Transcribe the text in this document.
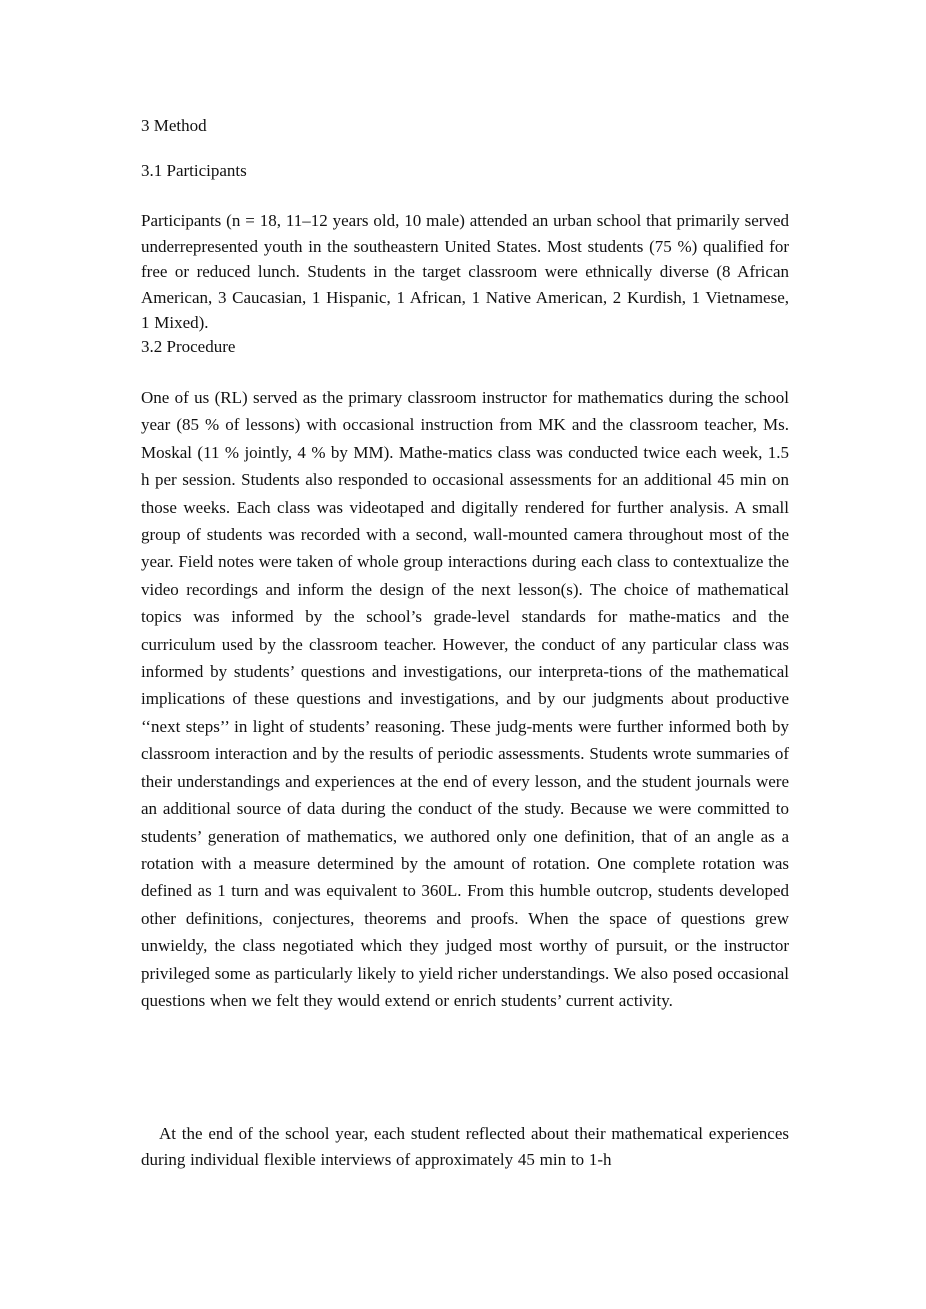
3 Method
3.1 Participants

Participants (n = 18, 11–12 years old, 10 male) attended an urban school that primarily served underrepresented youth in the southeastern United States. Most students (75 %) qualified for free or reduced lunch. Students in the target classroom were ethnically diverse (8 African American, 3 Caucasian, 1 Hispanic, 1 African, 1 Native American, 2 Kurdish, 1 Vietnamese, 1 Mixed).

3.2 Procedure

One of us (RL) served as the primary classroom instructor for mathematics during the school year (85 % of lessons) with occasional instruction from MK and the classroom teacher, Ms. Moskal (11 % jointly, 4 % by MM). Mathe-matics class was conducted twice each week, 1.5 h per session. Students also responded to occasional assessments for an additional 45 min on those weeks. Each class was videotaped and digitally rendered for further analysis. A small group of students was recorded with a second, wall-mounted camera throughout most of the year. Field notes were taken of whole group interactions during each class to contextualize the video recordings and inform the design of the next lesson(s). The choice of mathematical topics was informed by the school’s grade-level standards for mathe-matics and the curriculum used by the classroom teacher. However, the conduct of any particular class was informed by students’ questions and investigations, our interpreta-tions of the mathematical implications of these questions and investigations, and by our judgments about productive ‘‘next steps’’ in light of students’ reasoning. These judg-ments were further informed both by classroom interaction and by the results of periodic assessments. Students wrote summaries of their understandings and experiences at the end of every lesson, and the student journals were an additional source of data during the conduct of the study. Because we were committed to students’ generation of mathematics, we authored only one definition, that of an angle as a rotation with a measure determined by the amount of rotation. One complete rotation was defined as 1 turn and was equivalent to 360L. From this humble outcrop, students developed other definitions, conjectures, theorems and proofs. When the space of questions grew unwieldy, the class negotiated which they judged most worthy of pursuit, or the instructor privileged some as particularly likely to yield richer understandings. We also posed occasional questions when we felt they would extend or enrich students’ current activity.

At the end of the school year, each student reflected about their mathematical experiences during individual flexible interviews of approximately 45 min to 1-h
